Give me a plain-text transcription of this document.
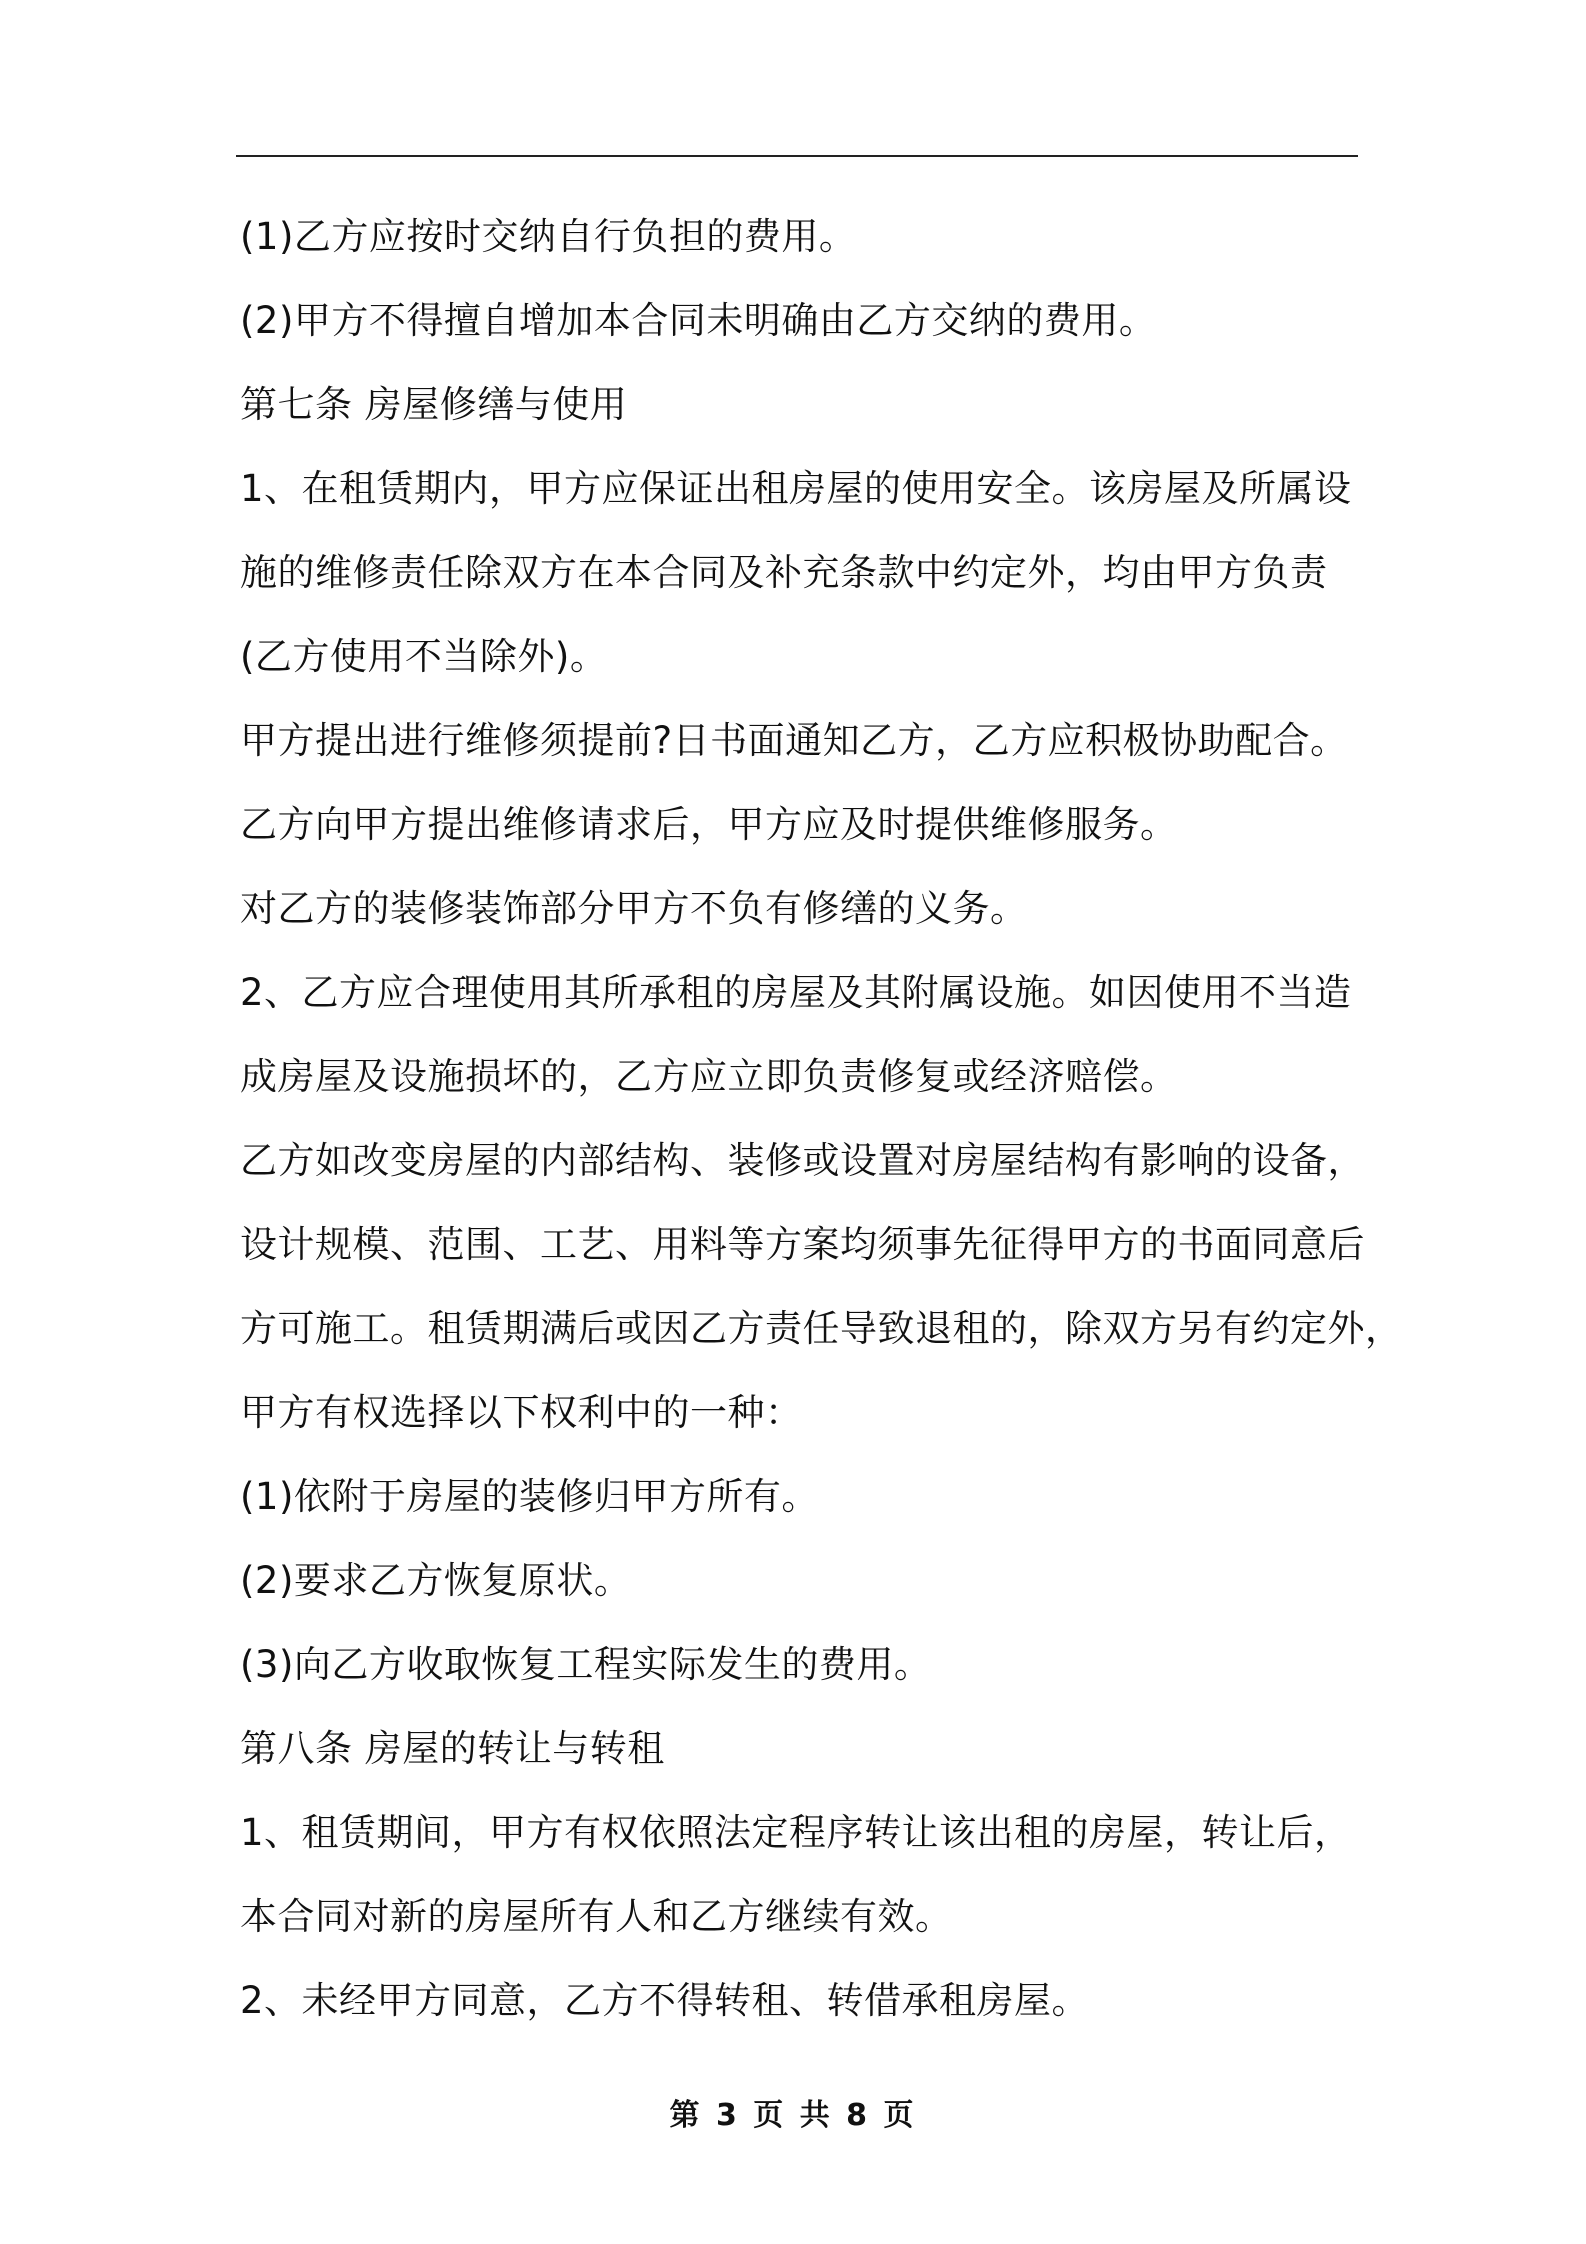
(1)乙方应按时交纳自行负担的费用。
(2)甲方不得擅自增加本合同未明确由乙方交纳的费用。
第七条 房屋修缮与使用
1、在租赁期内，甲方应保证出租房屋的使用安全。该房屋及所属设
施的维修责任除双方在本合同及补充条款中约定外，均由甲方负责
(乙方使用不当除外)。
甲方提出进行维修须提前?日书面通知乙方，乙方应积极协助配合。
乙方向甲方提出维修请求后，甲方应及时提供维修服务。
对乙方的装修装饰部分甲方不负有修缮的义务。
2、乙方应合理使用其所承租的房屋及其附属设施。如因使用不当造
成房屋及设施损坏的，乙方应立即负责修复或经济赔偿。
乙方如改变房屋的内部结构、装修或设置对房屋结构有影响的设备，
设计规模、范围、工艺、用料等方案均须事先征得甲方的书面同意后
方可施工。租赁期满后或因乙方责任导致退租的，除双方另有约定外，
甲方有权选择以下权利中的一种：
(1)依附于房屋的装修归甲方所有。
(2)要求乙方恢复原状。
(3)向乙方收取恢复工程实际发生的费用。
第八条 房屋的转让与转租
1、租赁期间，甲方有权依照法定程序转让该出租的房屋，转让后，
本合同对新的房屋所有人和乙方继续有效。
2、未经甲方同意，乙方不得转租、转借承租房屋。
第 3 页 共 8 页
